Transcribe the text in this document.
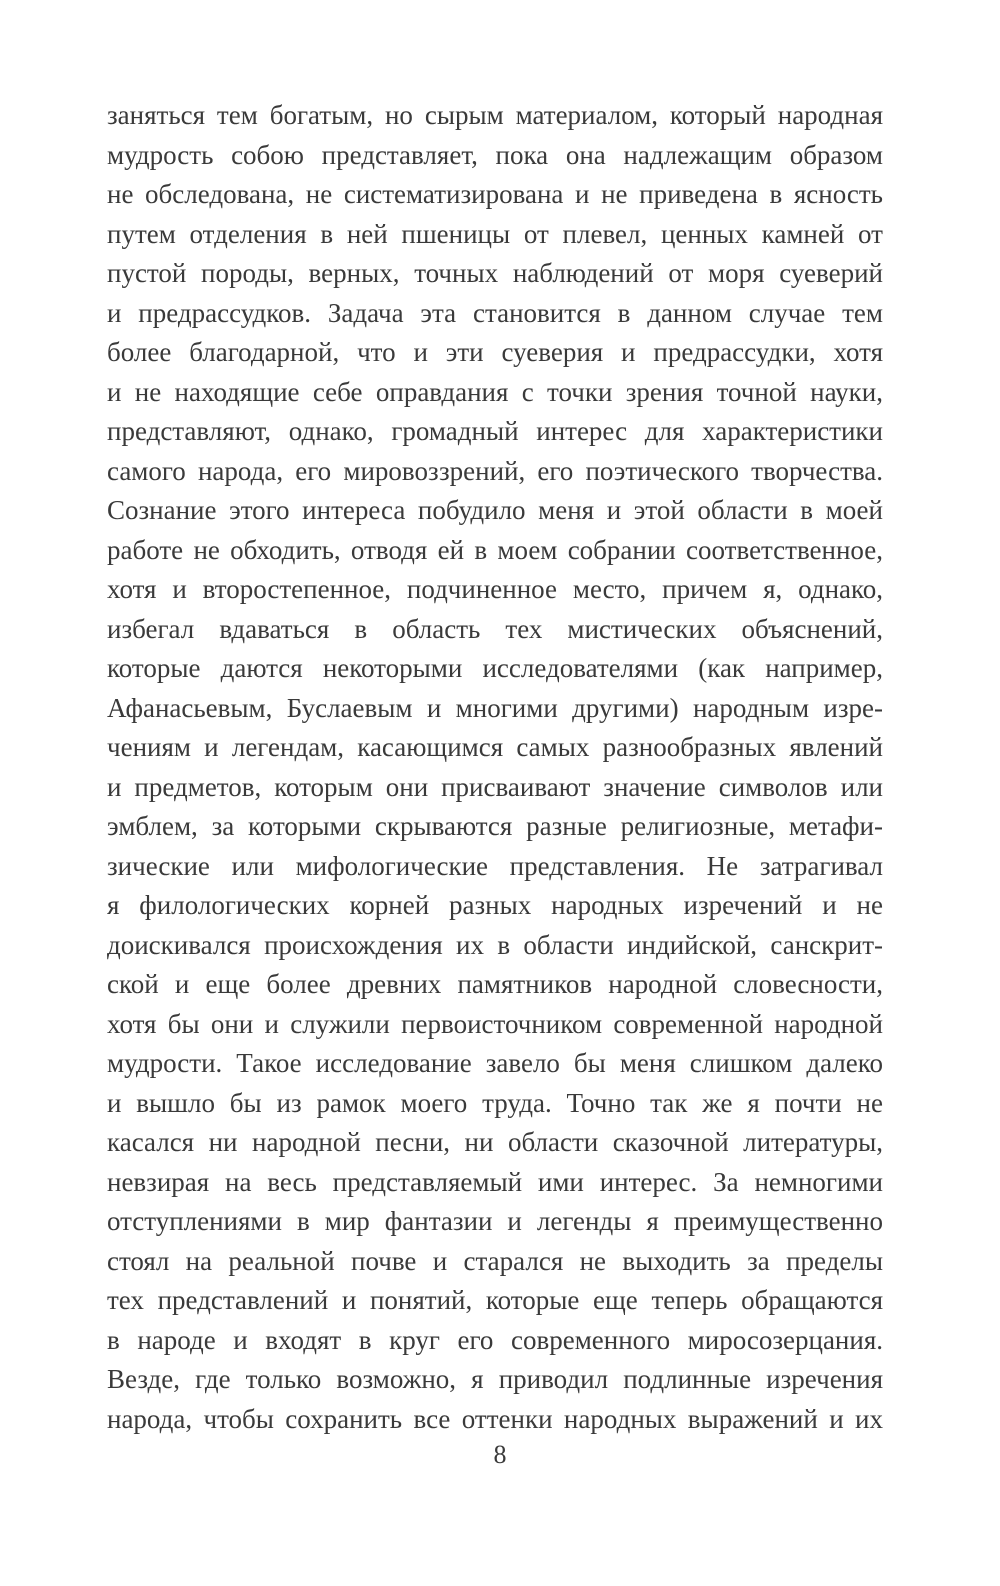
заняться тем богатым, но сырым материалом, который народная
мудрость собою представляет, пока она надлежащим образом
не обследована, не систематизирована и не приведена в ясность
путем отделения в ней пшеницы от плевел, ценных камней от
пустой породы, верных, точных наблюдений от моря суеверий
и предрассудков. Задача эта становится в данном случае тем
более благодарной, что и эти суеверия и предрассудки, хотя
и не находящие себе оправдания с точки зрения точной науки,
представляют, однако, громадный интерес для характеристики
самого народа, его мировоззрений, его поэтического творчества.
Сознание этого интереса побудило меня и этой области в моей
работе не обходить, отводя ей в моем собрании соответственное,
хотя и второстепенное, подчиненное место, причем я, однако,
избегал вдаваться в область тех мистических объяснений,
которые даются некоторыми исследователями (как например,
Афанасьевым, Буслаевым и многими другими) народным изре-
чениям и легендам, касающимся самых разнообразных явлений
и предметов, которым они присваивают значение символов или
эмблем, за которыми скрываются разные религиозные, метафи-
зические или мифологические представления. Не затрагивал
я филологических корней разных народных изречений и не
доискивался происхождения их в области индийской, санскрит-
ской и еще более древних памятников народной словесности,
хотя бы они и служили первоисточником современной народной
мудрости. Такое исследование завело бы меня слишком далеко
и вышло бы из рамок моего труда. Точно так же я почти не
касался ни народной песни, ни области сказочной литературы,
невзирая на весь представляемый ими интерес. За немногими
отступлениями в мир фантазии и легенды я преимущественно
стоял на реальной почве и старался не выходить за пределы
тех представлений и понятий, которые еще теперь обращаются
в народе и входят в круг его современного миросозерцания.
Везде, где только возможно, я приводил подлинные изречения
народа, чтобы сохранить все оттенки народных выражений и их
8
